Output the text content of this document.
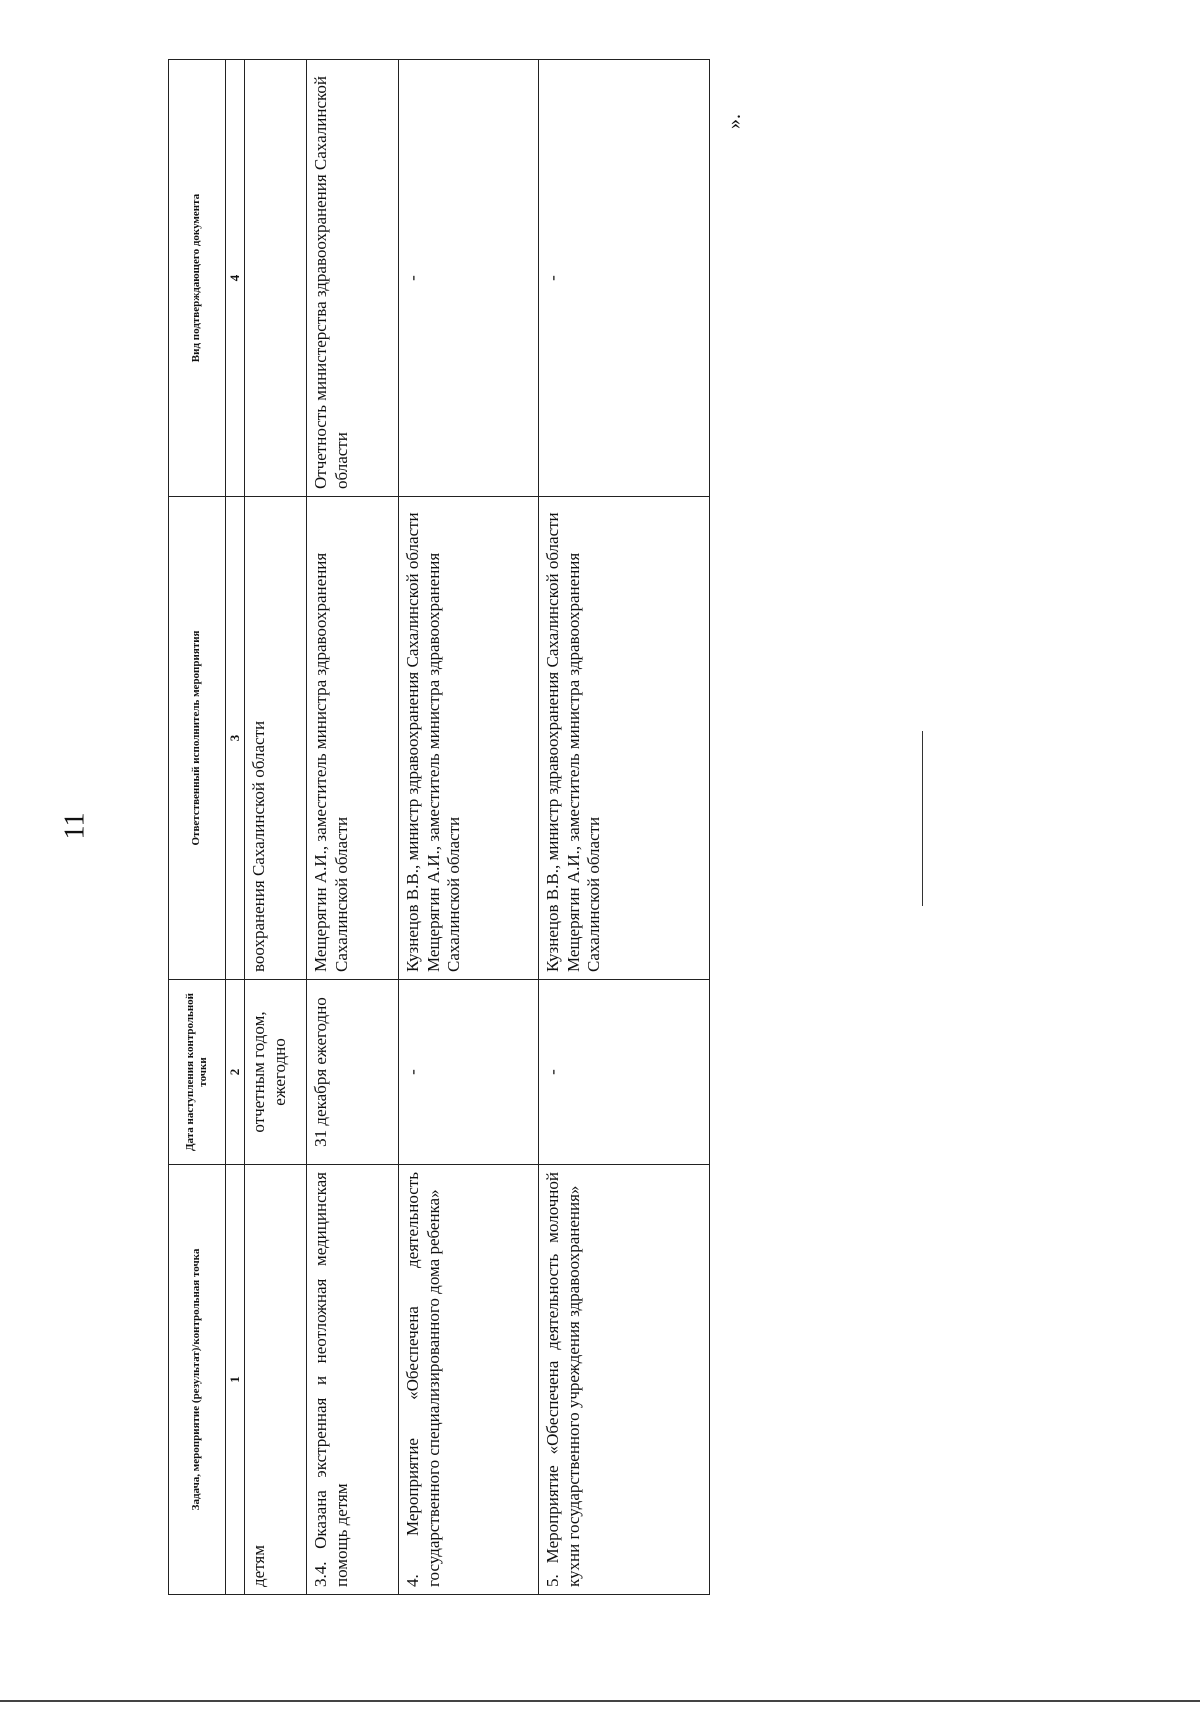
11
Задача, мероприятие (результат)/контрольная точка	Дата наступления контрольной точки	Ответственный исполнитель мероприятия	Вид подтверждающего документа
1	2	3	4
детям	отчетным годом, ежегодно	воохранения Сахалинской области	
3.4. Оказана экстренная и неотложная медицинская помощь детям	31 декабря ежегодно	Мещерягин А.И., заместитель министра здравоохранения Сахалинской области	Отчетность министерства здравоохранения Сахалинской области
4. Мероприятие «Обеспечена деятельность государственного специализированного дома ребенка»	-	Кузнецов В.В., министр здравоохранения Сахалинской области Мещерягин А.И., заместитель министра здравоохранения Сахалинской области	-
5. Мероприятие «Обеспечена деятельность молочной кухни государственного учреждения здравоохранения»	-	Кузнецов В.В., министр здравоохранения Сахалинской области Мещерягин А.И., заместитель министра здравоохранения Сахалинской области	-
».
